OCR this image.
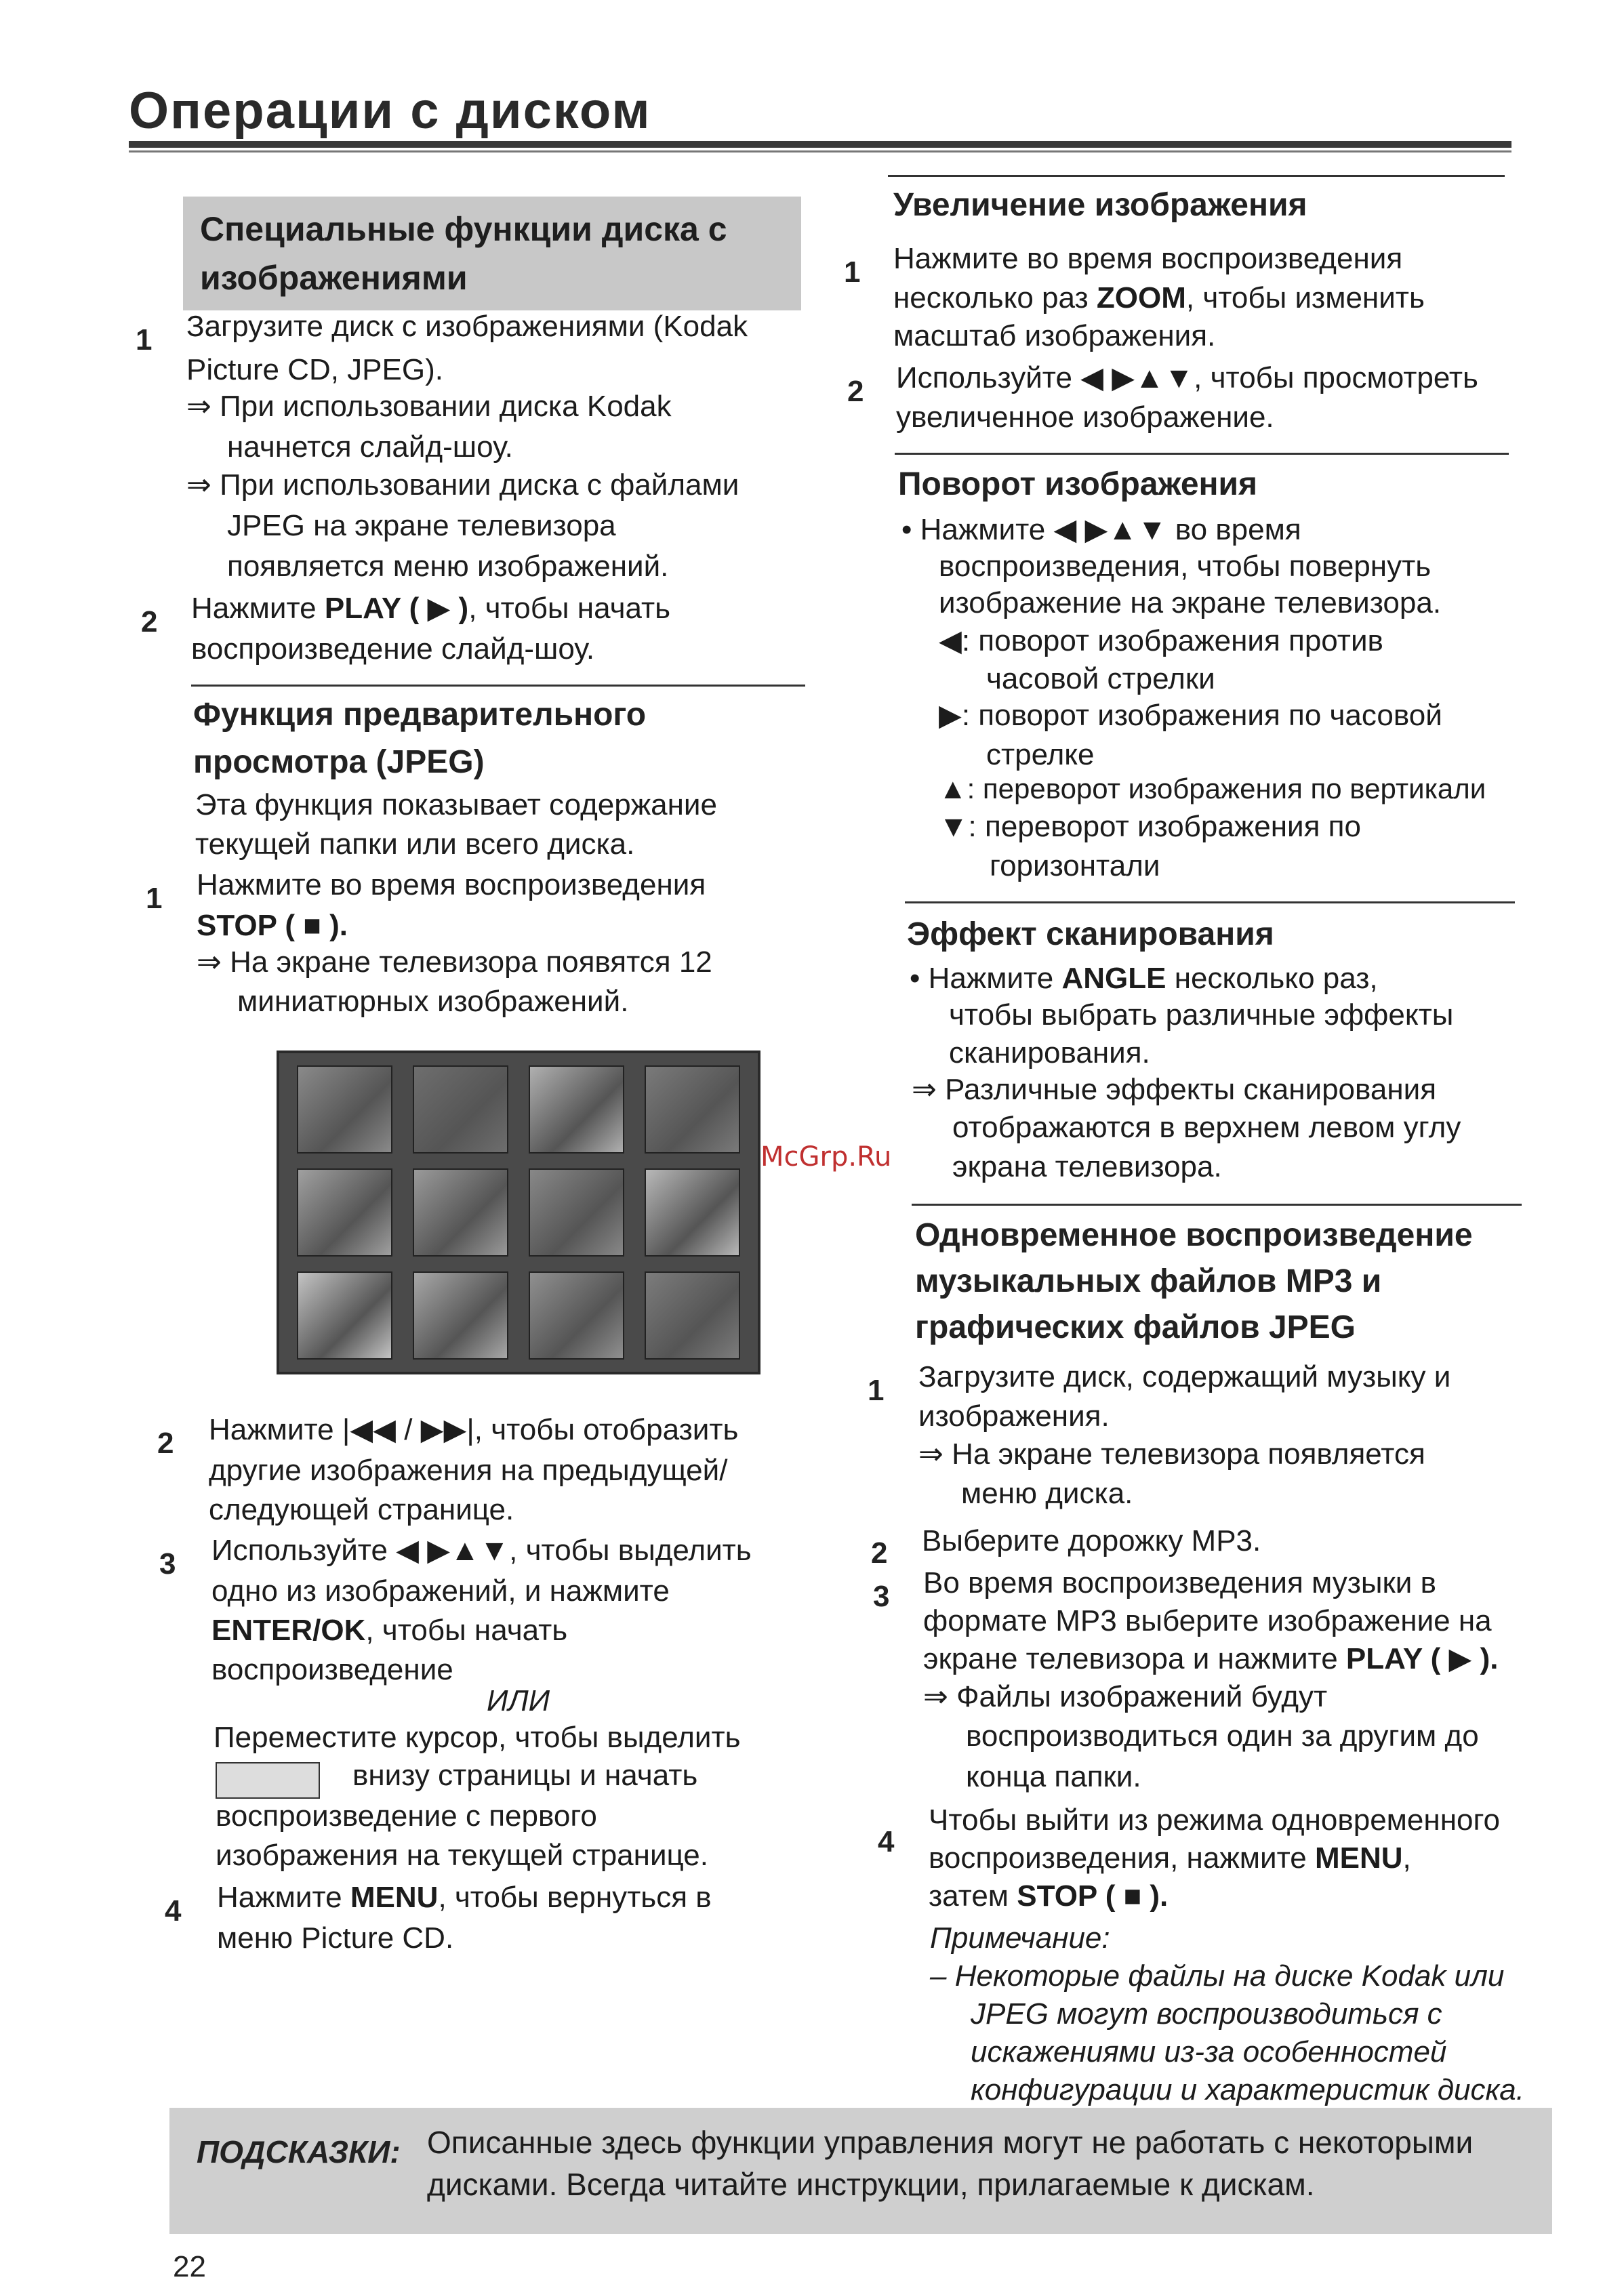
Операции с диском
Специальные функции диска с изображениями
1 Загрузите диск с изображениями (Kodak
Picture CD, JPEG).
⇒ При использовании диска Kodak
начнется слайд-шоу.
⇒ При использовании диска с файлами
JPEG на экране телевизора
появляется меню изображений.
2 Нажмите PLAY ( ▶ ), чтобы начать
воспроизведение слайд-шоу.
Функция предварительного
просмотра (JPEG)
Эта функция показывает содержание
текущей папки или всего диска.
1 Нажмите во время воспроизведения
STOP ( ■ ).
⇒ На экране телевизора появятся 12
миниатюрных изображений.
2 Нажмите |◀◀ / ▶▶|, чтобы отобразить
другие изображения на предыдущей/
следующей странице.
3 Используйте ◀ ▶▲▼, чтобы выделить
одно из изображений, и нажмите
ENTER/OK, чтобы начать
воспроизведение
ИЛИ
Переместите курсор, чтобы выделить
внизу страницы и начать
воспроизведение с первого
изображения на текущей странице.
4 Нажмите MENU, чтобы вернуться в
меню Picture CD.
McGrp.Ru
Увеличение изображения
1 Нажмите во время воспроизведения
несколько раз ZOOM, чтобы изменить
масштаб изображения.
2 Используйте ◀ ▶▲▼, чтобы просмотреть
увеличенное изображение.
Поворот изображения
• Нажмите ◀ ▶▲▼ во время
воспроизведения, чтобы повернуть
изображение на экране телевизора.
◀: поворот изображения против
часовой стрелки
▶: поворот изображения по часовой
стрелке
▲: переворот изображения по вертикали
▼: переворот изображения по
горизонтали
Эффект сканирования
• Нажмите ANGLE несколько раз,
чтобы выбрать различные эффекты
сканирования.
⇒ Различные эффекты сканирования
отображаются в верхнем левом углу
экрана телевизора.
Одновременное воспроизведение
музыкальных файлов MP3 и
графических файлов JPEG
1 Загрузите диск, содержащий музыку и
изображения.
⇒ На экране телевизора появляется
меню диска.
2 Выберите дорожку MP3.
3 Во время воспроизведения музыки в
формате MP3 выберите изображение на
экране телевизора и нажмите PLAY ( ▶ ).
⇒ Файлы изображений будут
воспроизводиться один за другим до
конца папки.
4
Чтобы выйти из режима одновременного
воспроизведения, нажмите MENU,
затем STOP ( ■ ).
Примечание:
– Некоторые файлы на диске Kodak или
JPEG могут воспроизводиться с
искажениями из-за особенностей
конфигурации и характеристик диска.
ПОДСКАЗКИ: Описанные здесь функции управления могут не работать с некоторыми
дисками. Всегда читайте инструкции, прилагаемые к дискам.
22
